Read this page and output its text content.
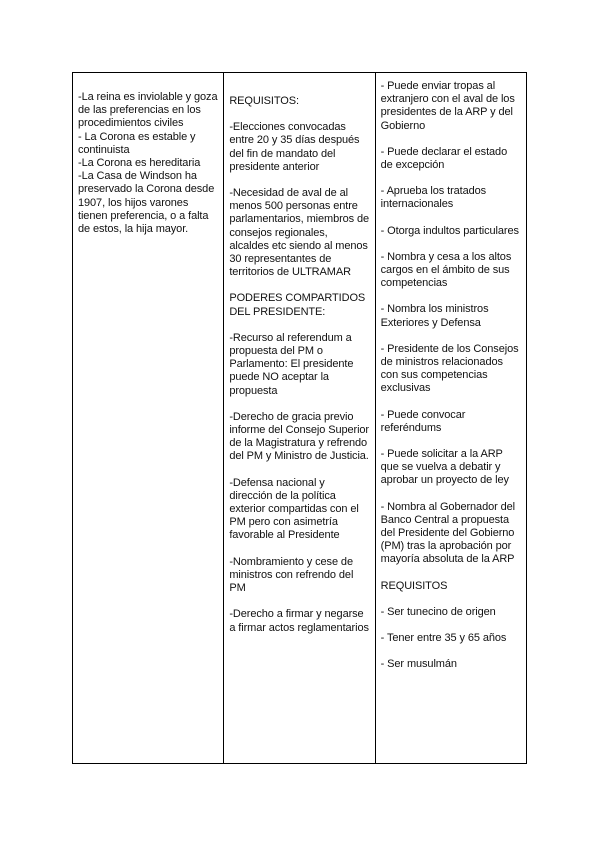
-La reina es inviolable y goza de las preferencias en los procedimientos civiles

- La Corona es estable y continuista

-La Corona es hereditaria

-La Casa de Windson ha preservado la Corona desde 1907, los hijos varones tienen preferencia, o a falta de estos, la hija mayor.

REQUISITOS:

-Elecciones convocadas entre 20 y 35 días después del fin de mandato del presidente anterior

-Necesidad de aval de al menos 500 personas entre parlamentarios, miembros de consejos regionales, alcaldes etc siendo al menos 30 representantes de territorios de ULTRAMAR

PODERES COMPARTIDOS DEL PRESIDENTE:

-Recurso al referendum a propuesta del PM o Parlamento: El presidente puede NO aceptar la propuesta

-Derecho de gracia previo informe del Consejo Superior de la Magistratura y refrendo del PM y Ministro de Justicia.

-Defensa nacional y dirección de la política exterior compartidas con el PM pero con asimetría favorable al Presidente

-Nombramiento y cese de ministros con refrendo del PM

-Derecho a firmar y negarse a firmar actos reglamentarios

- Puede enviar tropas al extranjero con el aval de los presidentes de la ARP y del Gobierno

- Puede declarar el estado de excepción

- Aprueba los tratados internacionales

- Otorga indultos particulares

- Nombra y cesa a los altos cargos en el ámbito de sus competencias

- Nombra los ministros Exteriores y Defensa

- Presidente de los Consejos de ministros relacionados con sus competencias exclusivas

- Puede convocar referéndums

- Puede solicitar a la ARP que se vuelva a debatir y aprobar un proyecto de ley

- Nombra al Gobernador del Banco Central a propuesta del Presidente del Gobierno (PM) tras la aprobación por mayoría absoluta de la ARP

REQUISITOS

- Ser tunecino de origen

- Tener entre 35 y 65 años

- Ser musulmán
